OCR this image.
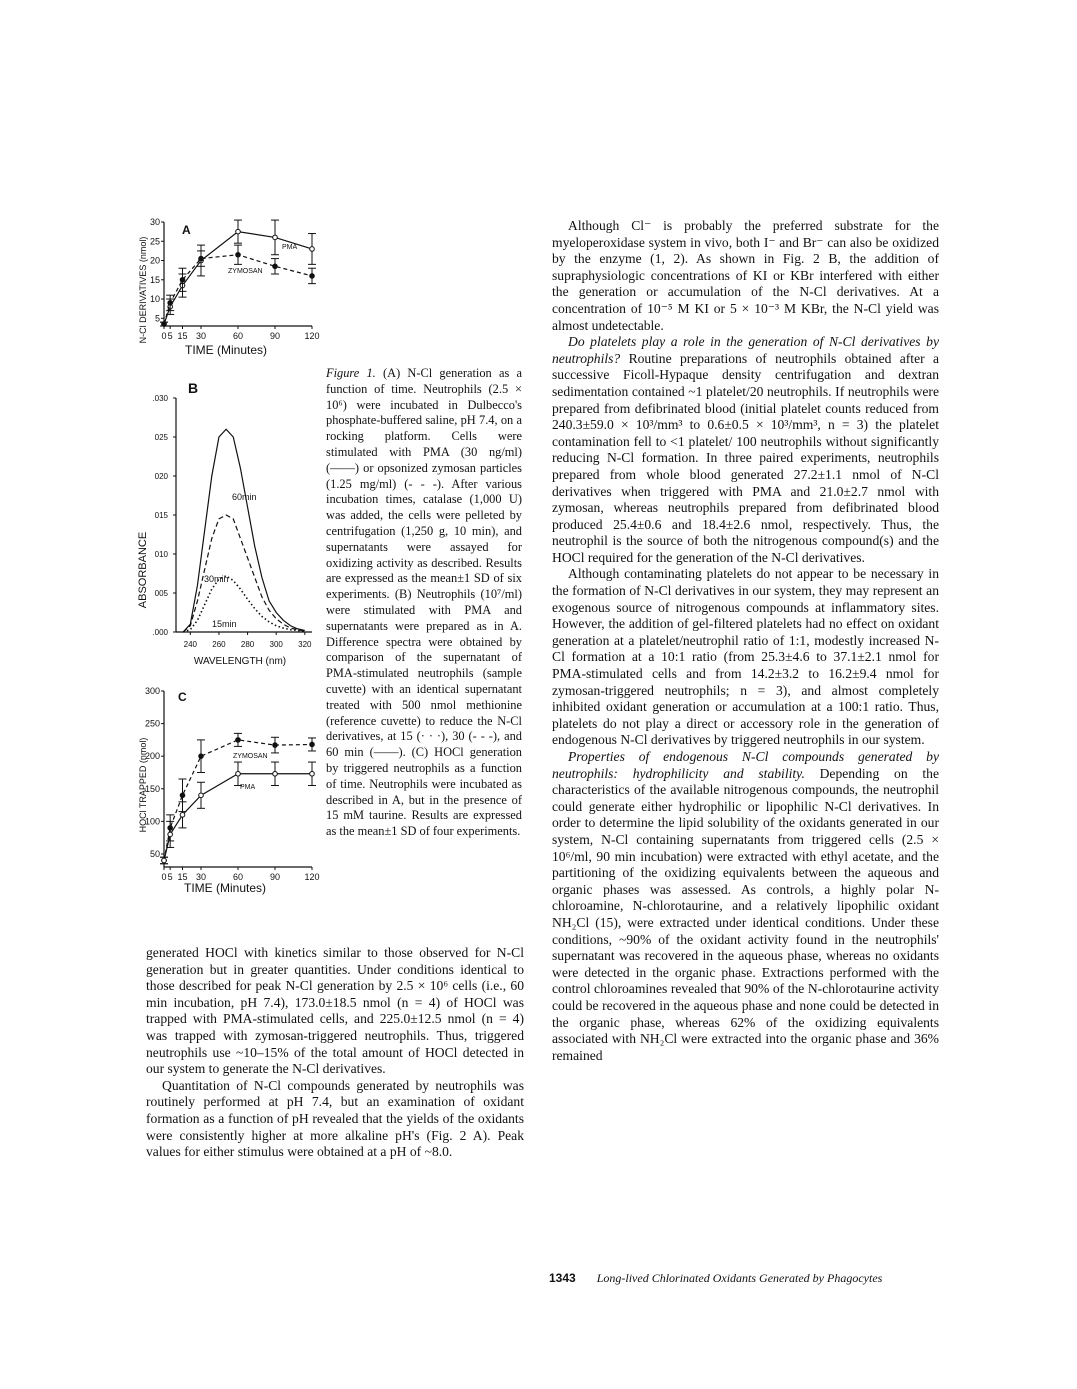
A
N-Cl DERIVATIVES (nmol) 5
10
15
20
25
30
0 5 15 30	60	90	120
TIME (Minutes)
PMA
ZYMOSAN
B
ABSORBANCE
.000
005
010
015
020
025
.030
240 260 280 300 320
WAVELENGTH (nm)
60min
30min
15min
C
HOCl TRAPPED (nmol)
50
100
150
200
250
300
0 5 15 30	60	90	120
TIME (Minutes)
ZYMOSAN
PMA

Figure 1. (A) N-Cl generation as a function of time. Neutrophils (2.5 × 10⁶) were incubated in Dulbecco's phosphate-buffered saline, pH 7.4, on a rocking platform. Cells were stimulated with PMA (30 ng/ml) (——) or opsonized zymosan particles (1.25 mg/ml) (- - -). After various incubation times, catalase (1,000 U) was added, the cells were pelleted by centrifugation (1,250 g, 10 min), and supernatants were assayed for oxidizing activity as described. Results are expressed as the mean±1 SD of six experiments. (B) Neutrophils (10⁷/ml) were stimulated with PMA and supernatants were prepared as in A. Difference spectra were obtained by comparison of the supernatant of PMA-stimulated neutrophils (sample cuvette) with an identical supernatant treated with 500 nmol methionine (reference cuvette) to reduce the N-Cl derivatives, at 15 (· · ·), 30 (- - -), and 60 min (——). (C) HOCl generation by triggered neutrophils as a function of time. Neutrophils were incubated as described in A, but in the presence of 15 mM taurine. Results are expressed as the mean±1 SD of four experiments.

generated HOCl with kinetics similar to those observed for N-Cl generation but in greater quantities. Under conditions identical to those described for peak N-Cl generation by 2.5 × 10⁶ cells (i.e., 60 min incubation, pH 7.4), 173.0±18.5 nmol (n = 4) of HOCl was trapped with PMA-stimulated cells, and 225.0±12.5 nmol (n = 4) was trapped with zymosan-triggered neutrophils. Thus, triggered neutrophils use ~10–15% of the total amount of HOCl detected in our system to generate the N-Cl derivatives.

Quantitation of N-Cl compounds generated by neutrophils was routinely performed at pH 7.4, but an examination of oxidant formation as a function of pH revealed that the yields of the oxidants were consistently higher at more alkaline pH's (Fig. 2 A). Peak values for either stimulus were obtained at a pH of ~8.0.

Although Cl⁻ is probably the preferred substrate for the myeloperoxidase system in vivo, both I⁻ and Br⁻ can also be oxidized by the enzyme (1, 2). As shown in Fig. 2 B, the addition of supraphysiologic concentrations of KI or KBr interfered with either the generation or accumulation of the N-Cl derivatives. At a concentration of 10⁻⁵ M KI or 5 × 10⁻³ M KBr, the N-Cl yield was almost undetectable.

Do platelets play a role in the generation of N-Cl derivatives by neutrophils? Routine preparations of neutrophils obtained after a successive Ficoll-Hypaque density centrifugation and dextran sedimentation contained ~1 platelet/20 neutrophils. If neutrophils were prepared from defibrinated blood (initial platelet counts reduced from 240.3±59.0 × 10³/mm³ to 0.6±0.5 × 10³/mm³, n = 3) the platelet contamination fell to <1 platelet/ 100 neutrophils without significantly reducing N-Cl formation. In three paired experiments, neutrophils prepared from whole blood generated 27.2±1.1 nmol of N-Cl derivatives when triggered with PMA and 21.0±2.7 nmol with zymosan, whereas neutrophils prepared from defibrinated blood produced 25.4±0.6 and 18.4±2.6 nmol, respectively. Thus, the neutrophil is the source of both the nitrogenous compound(s) and the HOCl required for the generation of the N-Cl derivatives.

Although contaminating platelets do not appear to be necessary in the formation of N-Cl derivatives in our system, they may represent an exogenous source of nitrogenous compounds at inflammatory sites. However, the addition of gel-filtered platelets had no effect on oxidant generation at a platelet/neutrophil ratio of 1:1, modestly increased N-Cl formation at a 10:1 ratio (from 25.3±4.6 to 37.1±2.1 nmol for PMA-stimulated cells and from 14.2±3.2 to 16.2±9.4 nmol for zymosan-triggered neutrophils; n = 3), and almost completely inhibited oxidant generation or accumulation at a 100:1 ratio. Thus, platelets do not play a direct or accessory role in the generation of endogenous N-Cl derivatives by triggered neutrophils in our system.

Properties of endogenous N-Cl compounds generated by neutrophils: hydrophilicity and stability. Depending on the characteristics of the available nitrogenous compounds, the neutrophil could generate either hydrophilic or lipophilic N-Cl derivatives. In order to determine the lipid solubility of the oxidants generated in our system, N-Cl containing supernatants from triggered cells (2.5 × 10⁶/ml, 90 min incubation) were extracted with ethyl acetate, and the partitioning of the oxidizing equivalents between the aqueous and organic phases was assessed. As controls, a highly polar N-chloroamine, N-chlorotaurine, and a relatively lipophilic oxidant NH₂Cl (15), were extracted under identical conditions. Under these conditions, ~90% of the oxidant activity found in the neutrophils' supernatant was recovered in the aqueous phase, whereas no oxidants were detected in the organic phase. Extractions performed with the control chloroamines revealed that 90% of the N-chlorotaurine activity could be recovered in the aqueous phase and none could be detected in the organic phase, whereas 62% of the oxidizing equivalents associated with NH₂Cl were extracted into the organic phase and 36% remained

1343 Long-lived Chlorinated Oxidants Generated by Phagocytes
